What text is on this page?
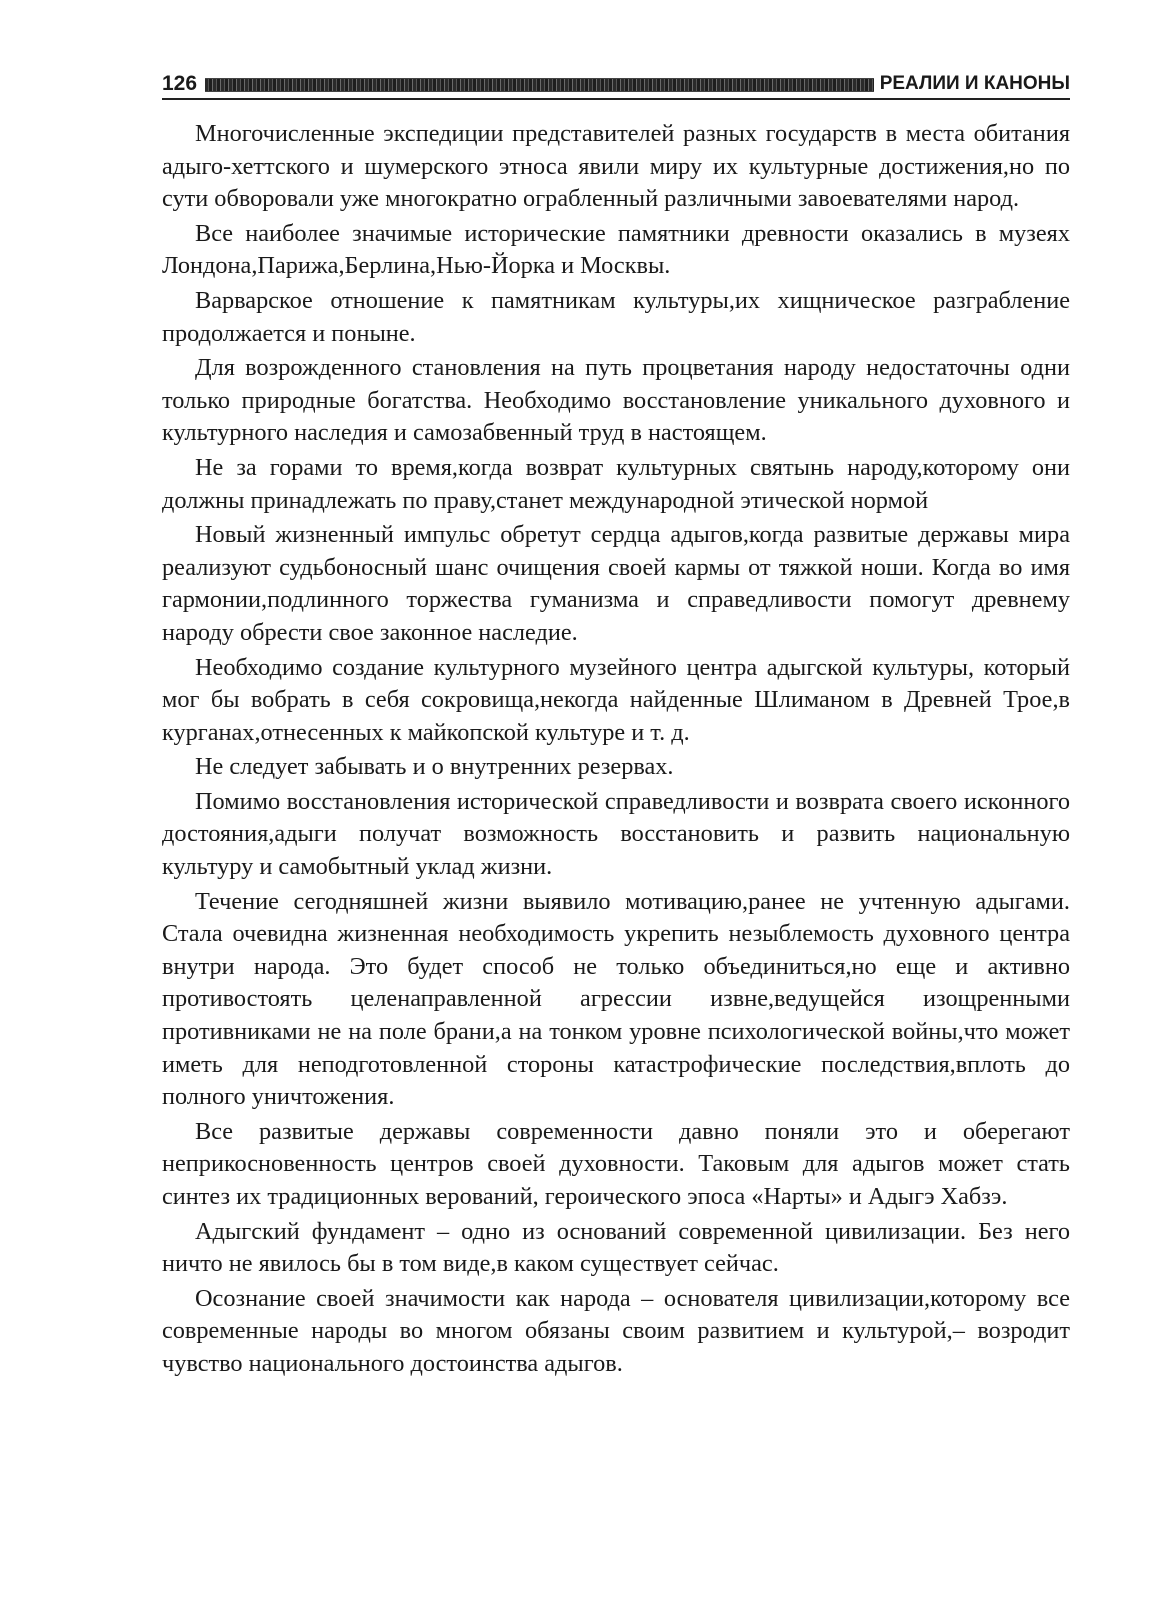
126	РЕАЛИИ И КАНОНЫ

Многочисленные экспедиции представителей разных государств в места обитания адыго-хеттского и шумерского этноса явили миру их культурные достижения,но по сути обворовали уже многократно ограбленный различными завоевателями народ.

Все наиболее значимые исторические памятники древности оказались в музеях Лондона,Парижа,Берлина,Нью-Йорка и Москвы.

Варварское отношение к памятникам культуры,их хищническое разграбление продолжается и поныне.

Для возрожденного становления на путь процветания народу недостаточны одни только природные богатства. Необходимо восстановление уникального духовного и культурного наследия и самозабвенный труд в настоящем.

Не за горами то время,когда возврат культурных святынь народу,которому они должны принадлежать по праву,станет международной этической нормой

Новый жизненный импульс обретут сердца адыгов,когда развитые державы мира реализуют судьбоносный шанс очищения своей кармы от тяжкой ноши. Когда во имя гармонии,подлинного торжества гуманизма и справедливости помогут древнему народу обрести свое законное наследие.

Необходимо создание культурного музейного центра адыгской культуры, который мог бы вобрать в себя сокровища,некогда найденные Шлиманом в Древней Трое,в курганах,отнесенных к майкопской культуре и т. д.

Не следует забывать и о внутренних резервах.

Помимо восстановления исторической справедливости и возврата своего исконного достояния,адыги получат возможность восстановить и развить национальную культуру и самобытный уклад жизни.

Течение сегодняшней жизни выявило мотивацию,ранее не учтенную адыгами. Стала очевидна жизненная необходимость укрепить незыблемость духовного центра внутри народа. Это будет способ не только объединиться,но еще и активно противостоять целенаправленной агрессии извне,ведущейся изощренными противниками не на поле брани,а на тонком уровне психологической войны,что может иметь для неподготовленной стороны катастрофические последствия,вплоть до полного уничтожения.

Все развитые державы современности давно поняли это и оберегают неприкосновенность центров своей духовности. Таковым для адыгов может стать синтез их традиционных верований, героического эпоса «Нарты» и Адыгэ Хабзэ.

Адыгский фундамент – одно из оснований современной цивилизации. Без него ничто не явилось бы в том виде,в каком существует сейчас.

Осознание своей значимости как народа – основателя цивилизации,которому все современные народы во многом обязаны своим развитием и культурой,– возродит чувство национального достоинства адыгов.
